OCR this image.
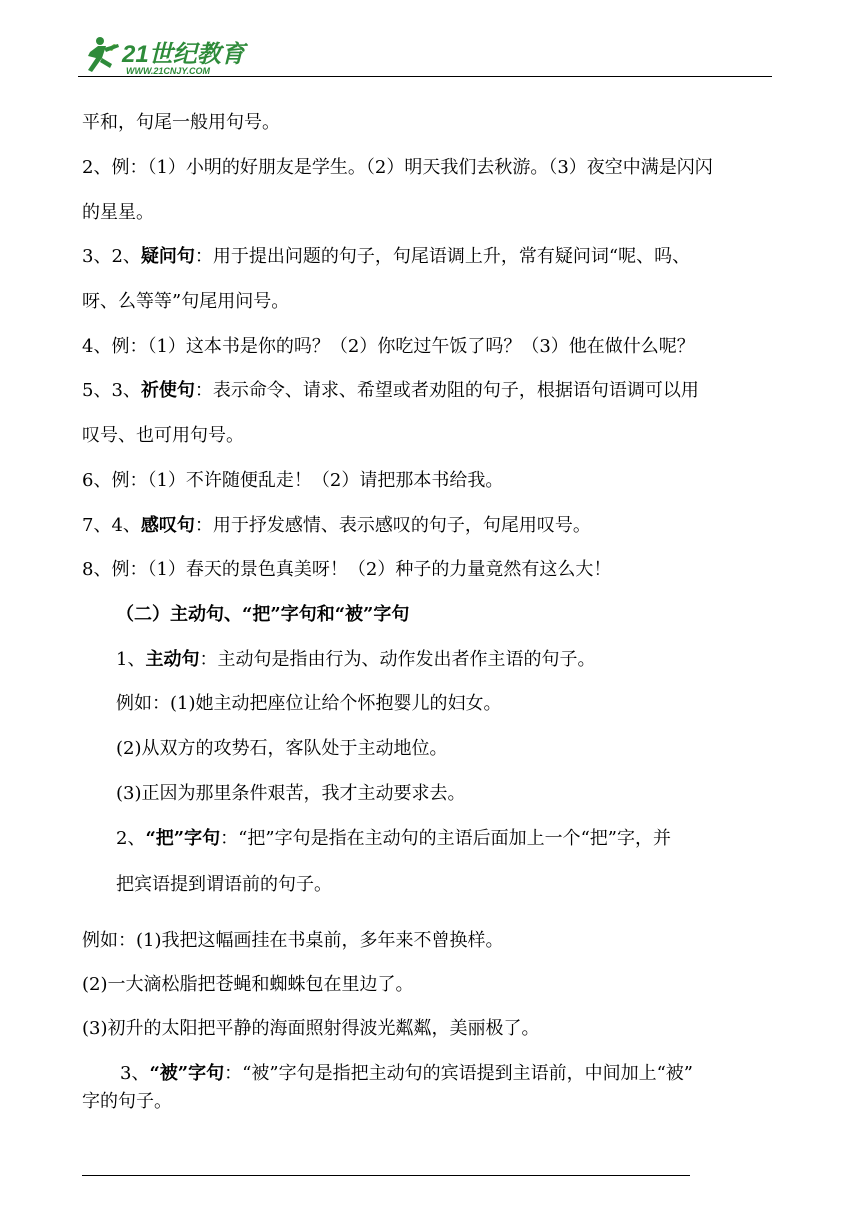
21世纪教育
WWW.21CNJY.COM
平和，句尾一般用句号。
2、例：（1）小明的好朋友是学生。（2）明天我们去秋游。（3）夜空中满是闪闪
的星星。
3、2、疑问句：用于提出问题的句子，句尾语调上升，常有疑问词“呢、吗、
呀、么等等”句尾用问号。
4、例：（1）这本书是你的吗？（2）你吃过午饭了吗？（3）他在做什么呢？
5、3、祈使句：表示命令、请求、希望或者劝阻的句子，根据语句语调可以用
叹号、也可用句号。
6、例：（1）不许随便乱走！（2）请把那本书给我。
7、4、感叹句：用于抒发感情、表示感叹的句子，句尾用叹号。
8、例：（1）春天的景色真美呀！（2）种子的力量竟然有这么大！
（二）主动句、“把”字句和“被”字句
1、主动句：主动句是指由行为、动作发出者作主语的句子。
例如：(1)她主动把座位让给个怀抱婴儿的妇女。
(2)从双方的攻势石，客队处于主动地位。
(3)正因为那里条件艰苦，我才主动要求去。
2、“把”字句：“把”字句是指在主动句的主语后面加上一个“把”字，并
把宾语提到谓语前的句子。
例如：(1)我把这幅画挂在书桌前，多年来不曾换样。
(2)一大滴松脂把苍蝇和蜘蛛包在里边了。
(3)初升的太阳把平静的海面照射得波光粼粼，美丽极了。
3、“被”字句：“被”字句是指把主动句的宾语提到主语前，中间加上“被”
字的句子。
